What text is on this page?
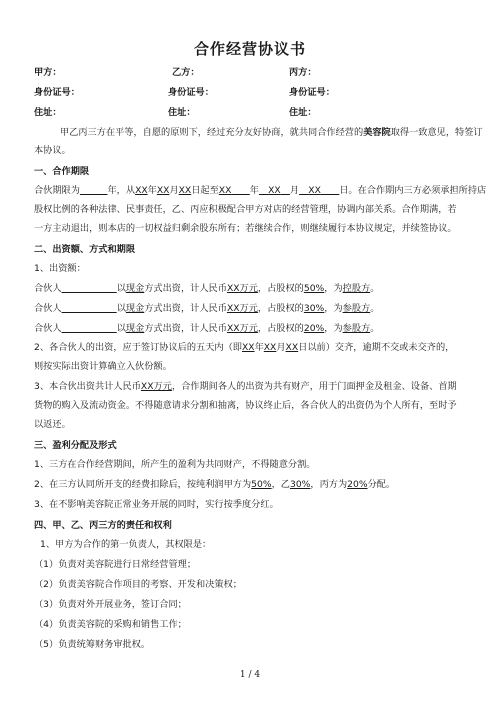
合作经营协议书
甲方：	乙方：	丙方：
身份证号：	身份证号：	身份证号：
住址：	住址：	住址：
甲乙丙三方在平等，自愿的原则下，经过充分友好协商，就共同合作经营的美容院取得一致意见，特签订
本协议。
一、合作期限
合伙期限为　　　	年，从XX年XX月XX日起至XX　　 年　 XX　 月　 XX　　 日。在合作期内三方必须承担所持店
股权比例的各种法律、民事责任，乙、丙应积极配合甲方对店的经营管理，协调内部关系。合作期满，若
一方主动退出，则本店的一切权益归剩余股东所有；若继续合作，则继续履行本协议规定，并续签协议。
二、出资额、方式和期限
1、出资额：
合伙人　　　　　　	以现金方式出资，计人民币XX万元，占股权的50%，为控股方。
合伙人　　　　　　	以现金方式出资，计人民币XX万元，占股权的30%，为参股方。
合伙人　　　　　　	以现金方式出资，计人民币XX万元，占股权的20%，为参股方。
2、各合伙人的出资，应于签订协议后的五天内（即XX年XX月XX日以前）交齐，逾期不交或未交齐的，
则按实际出资计算确立入伙份额。
3、本合伙出资共计人民币XX万元，合作期间各人的出资为共有财产，用于门面押金及租金、设备、首期
货物的购入及流动资金。不得随意请求分割和抽离，协议终止后，各合伙人的出资仍为个人所有，至时予
以返还。
三、盈利分配及形式
1、三方在合作经营期间，所产生的盈利为共同财产，不得随意分割。
2、在三方认同所开支的经费扣除后，按纯利润甲方为50%，乙30%，丙方为20%分配。
3、在不影响美容院正常业务开展的同时，实行按季度分红。
四、甲、乙、丙三方的责任和权利
1、甲方为合作的第一负责人，其权限是：
（1）负责对美容院进行日常经营管理；
（2）负责美容院合作项目的考察、开发和决策权；
（3）负责对外开展业务，签订合同；
（4）负责美容院的采购和销售工作；
（5）负责统筹财务审批权。
1 / 4
